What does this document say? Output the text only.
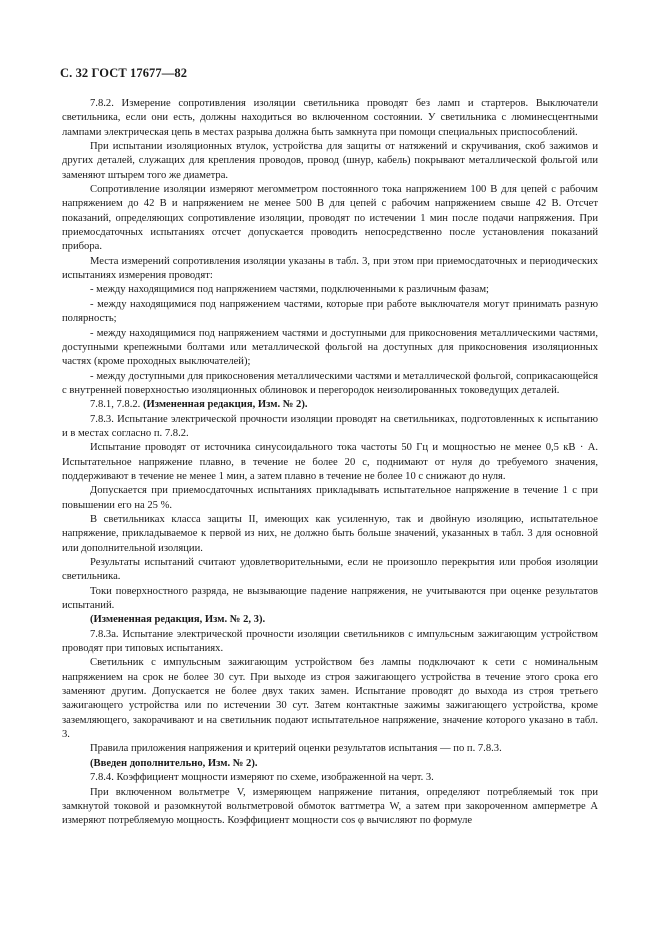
С. 32 ГОСТ 17677—82

7.8.2. Измерение сопротивления изоляции светильника проводят без ламп и стартеров. Выключатели светильника, если они есть, должны находиться во включенном состоянии. У светильника с люминесцентными лампами электрическая цепь в местах разрыва должна быть замкнута при помощи специальных приспособлений.

При испытании изоляционных втулок, устройства для защиты от натяжений и скручивания, скоб зажимов и других деталей, служащих для крепления проводов, провод (шнур, кабель) покрывают металлической фольгой или заменяют штырем того же диаметра.

Сопротивление изоляции измеряют мегомметром постоянного тока напряжением 100 В для цепей с рабочим напряжением до 42 В и напряжением не менее 500 В для цепей с рабочим напряжением свыше 42 В. Отсчет показаний, определяющих сопротивление изоляции, проводят по истечении 1 мин после подачи напряжения. При приемосдаточных испытаниях отсчет допускается проводить непосредственно после установления показаний прибора.

Места измерений сопротивления изоляции указаны в табл. 3, при этом при приемосдаточных и периодических испытаниях измерения проводят:

- между находящимися под напряжением частями, подключенными к различным фазам;

- между находящимися под напряжением частями, которые при работе выключателя могут принимать разную полярность;

- между находящимися под напряжением частями и доступными для прикосновения металлическими частями, доступными крепежными болтами или металлической фольгой на доступных для прикосновения изоляционных частях (кроме проходных выключателей);

- между доступными для прикосновения металлическими частями и металлической фольгой, соприкасающейся с внутренней поверхностью изоляционных облиновок и перегородок неизолированных токоведущих деталей.

7.8.1, 7.8.2. (Измененная редакция, Изм. № 2).

7.8.3. Испытание электрической прочности изоляции проводят на светильниках, подготовленных к испытанию и в местах согласно п. 7.8.2.

Испытание проводят от источника синусоидального тока частоты 50 Гц и мощностью не менее 0,5 кВ · А. Испытательное напряжение плавно, в течение не более 20 с, поднимают от нуля до требуемого значения, поддерживают в течение не менее 1 мин, а затем плавно в течение не более 10 с снижают до нуля.

Допускается при приемосдаточных испытаниях прикладывать испытательное напряжение в течение 1 с при повышении его на 25 %.

В светильниках класса защиты II, имеющих как усиленную, так и двойную изоляцию, испытательное напряжение, прикладываемое к первой из них, не должно быть больше значений, указанных в табл. 3 для основной или дополнительной изоляции.

Результаты испытаний считают удовлетворительными, если не произошло перекрытия или пробоя изоляции светильника.

Токи поверхностного разряда, не вызывающие падение напряжения, не учитываются при оценке результатов испытаний.

(Измененная редакция, Изм. № 2, 3).

7.8.3а. Испытание электрической прочности изоляции светильников с импульсным зажигающим устройством проводят при типовых испытаниях.

Светильник с импульсным зажигающим устройством без лампы подключают к сети с номинальным напряжением на срок не более 30 сут. При выходе из строя зажигающего устройства в течение этого срока его заменяют другим. Допускается не более двух таких замен. Испытание проводят до выхода из строя третьего зажигающего устройства или по истечении 30 сут. Затем контактные зажимы зажигающего устройства, кроме заземляющего, закорачивают и на светильник подают испытательное напряжение, значение которого указано в табл. 3.

Правила приложения напряжения и критерий оценки результатов испытания — по п. 7.8.3.

(Введен дополнительно, Изм. № 2).

7.8.4. Коэффициент мощности измеряют по схеме, изображенной на черт. 3.

При включенном вольтметре V, измеряющем напряжение питания, определяют потребляемый ток при замкнутой токовой и разомкнутой вольтметровой обмоток ваттметра W, а затем при закороченном амперметре A измеряют потребляемую мощность. Коэффициент мощности cos φ вычисляют по формуле
